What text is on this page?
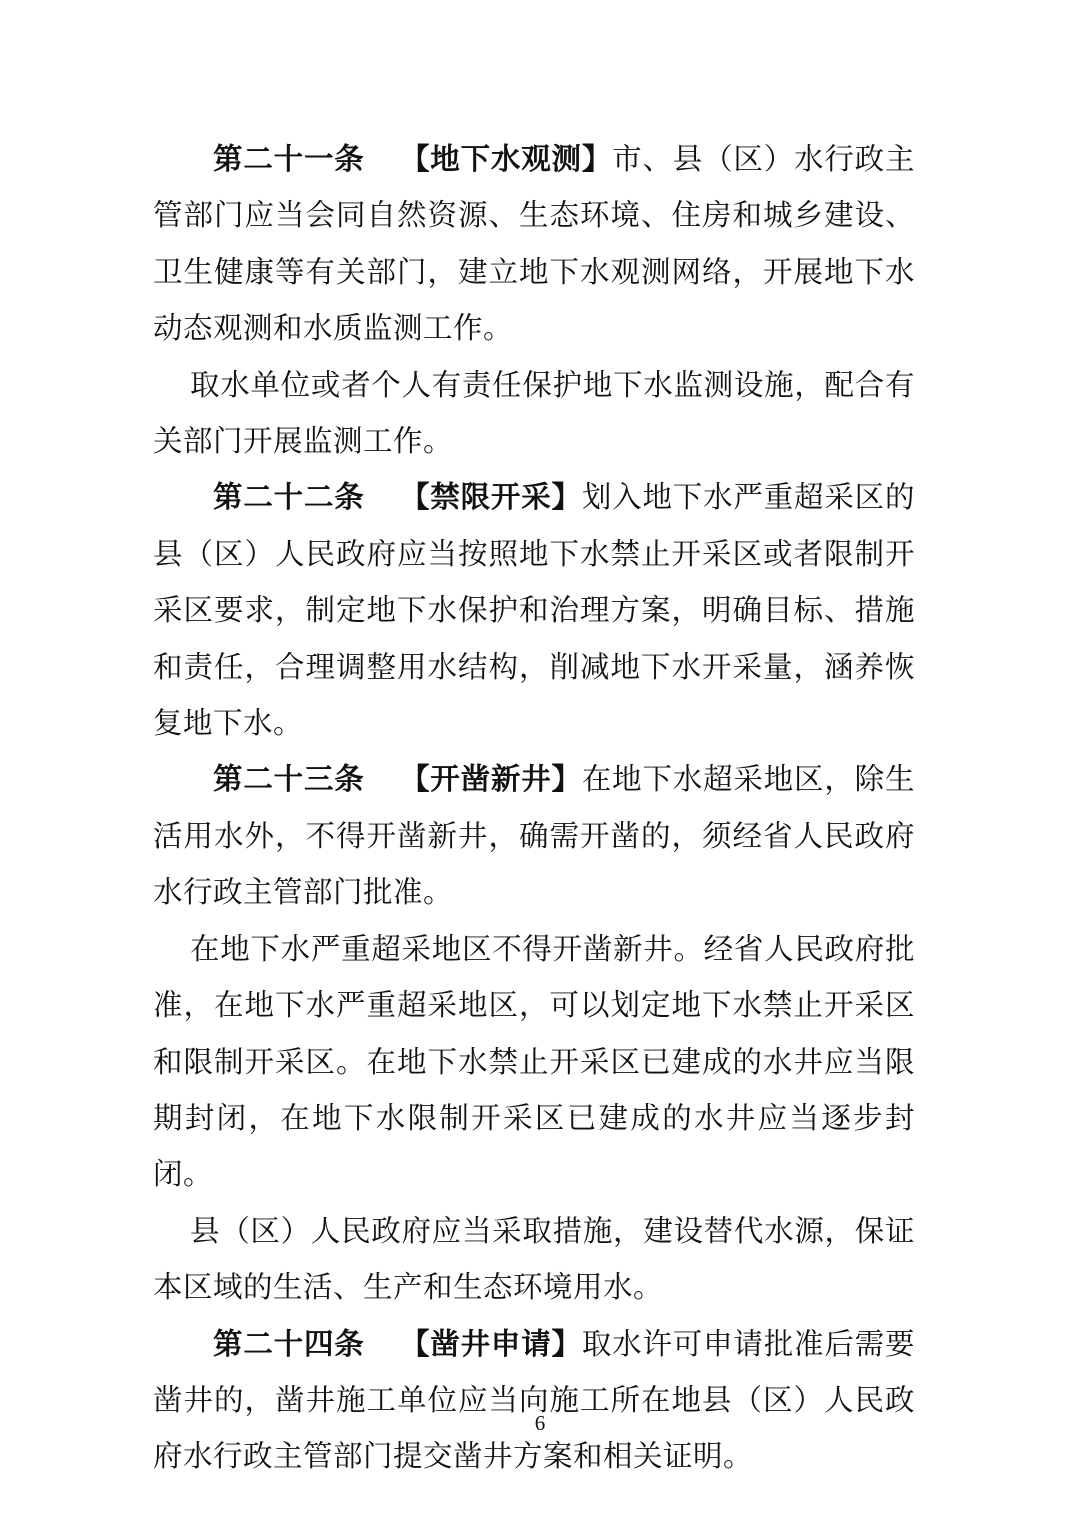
第二十一条 【地下水观测】市、县（区）水行政主管部门应当会同自然资源、生态环境、住房和城乡建设、卫生健康等有关部门，建立地下水观测网络，开展地下水动态观测和水质监测工作。

取水单位或者个人有责任保护地下水监测设施，配合有关部门开展监测工作。

第二十二条 【禁限开采】划入地下水严重超采区的县（区）人民政府应当按照地下水禁止开采区或者限制开采区要求，制定地下水保护和治理方案，明确目标、措施和责任，合理调整用水结构，削减地下水开采量，涵养恢复地下水。

第二十三条 【开凿新井】在地下水超采地区，除生活用水外，不得开凿新井，确需开凿的，须经省人民政府水行政主管部门批准。

在地下水严重超采地区不得开凿新井。经省人民政府批准，在地下水严重超采地区，可以划定地下水禁止开采区和限制开采区。在地下水禁止开采区已建成的水井应当限期封闭，在地下水限制开采区已建成的水井应当逐步封闭。

县（区）人民政府应当采取措施，建设替代水源，保证本区域的生活、生产和生态环境用水。

第二十四条 【凿井申请】取水许可申请批准后需要凿井的，凿井施工单位应当向施工所在地县（区）人民政府水行政主管部门提交凿井方案和相关证明。

6
